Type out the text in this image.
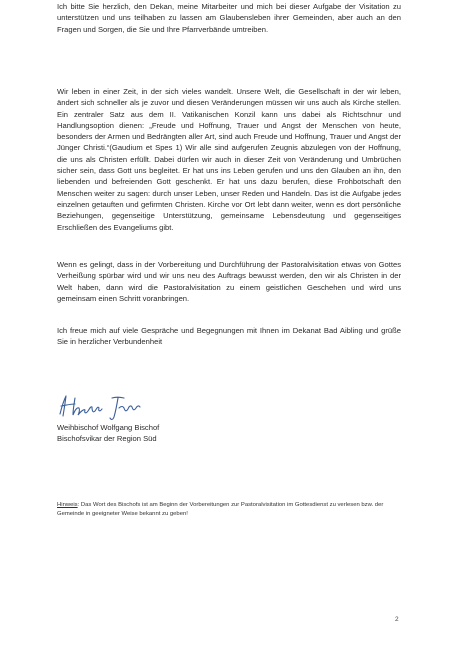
Ich bitte Sie herzlich, den Dekan, meine Mitarbeiter und mich bei dieser Aufgabe der Visitation zu unterstützen und uns teilhaben zu lassen am Glaubensleben ihrer Gemeinden, aber auch an den Fragen und Sorgen, die Sie und Ihre Pfarrverbände umtreiben.

Wir leben in einer Zeit, in der sich vieles wandelt. Unsere Welt, die Gesellschaft in der wir leben, ändert sich schneller als je zuvor und diesen Veränderungen müssen wir uns auch als Kirche stellen. Ein zentraler Satz aus dem II. Vatikanischen Konzil kann uns dabei als Richtschnur und Handlungsoption dienen: „Freude und Hoffnung, Trauer und Angst der Menschen von heute, besonders der Armen und Bedrängten aller Art, sind auch Freude und Hoffnung, Trauer und Angst der Jünger Christi.“(Gaudium et Spes 1) Wir alle sind aufgerufen Zeugnis abzulegen von der Hoffnung, die uns als Christen erfüllt. Dabei dürfen wir auch in dieser Zeit von Veränderung und Umbrüchen sicher sein, dass Gott uns begleitet. Er hat uns ins Leben gerufen und uns den Glauben an ihn, den liebenden und befreienden Gott geschenkt. Er hat uns dazu berufen, diese Frohbotschaft den Menschen weiter zu sagen: durch unser Leben, unser Reden und Handeln. Das ist die Aufgabe jedes einzelnen getauften und gefirmten Christen. Kirche vor Ort lebt dann weiter, wenn es dort persönliche Beziehungen, gegenseitige Unterstützung, gemeinsame Lebensdeutung und gegenseitiges Erschließen des Evangeliums gibt.

Wenn es gelingt, dass in der Vorbereitung und Durchführung der Pastoralvisitation etwas von Gottes Verheißung spürbar wird und wir uns neu des Auftrags bewusst werden, den wir als Christen in der Welt haben, dann wird die Pastoralvisitation zu einem geistlichen Geschehen und wird uns gemeinsam einen Schritt voranbringen.

Ich freue mich auf viele Gespräche und Begegnungen mit Ihnen im Dekanat Bad Aibling und grüße Sie in herzlicher Verbundenheit

Weihbischof Wolfgang Bischof
Bischofsvikar der Region Süd

Hinweis: Das Wort des Bischofs ist am Beginn der Vorbereitungen zur Pastoralvisitation im Gottesdienst zu verlesen bzw. der Gemeinde in geeigneter Weise bekannt zu geben!

2
